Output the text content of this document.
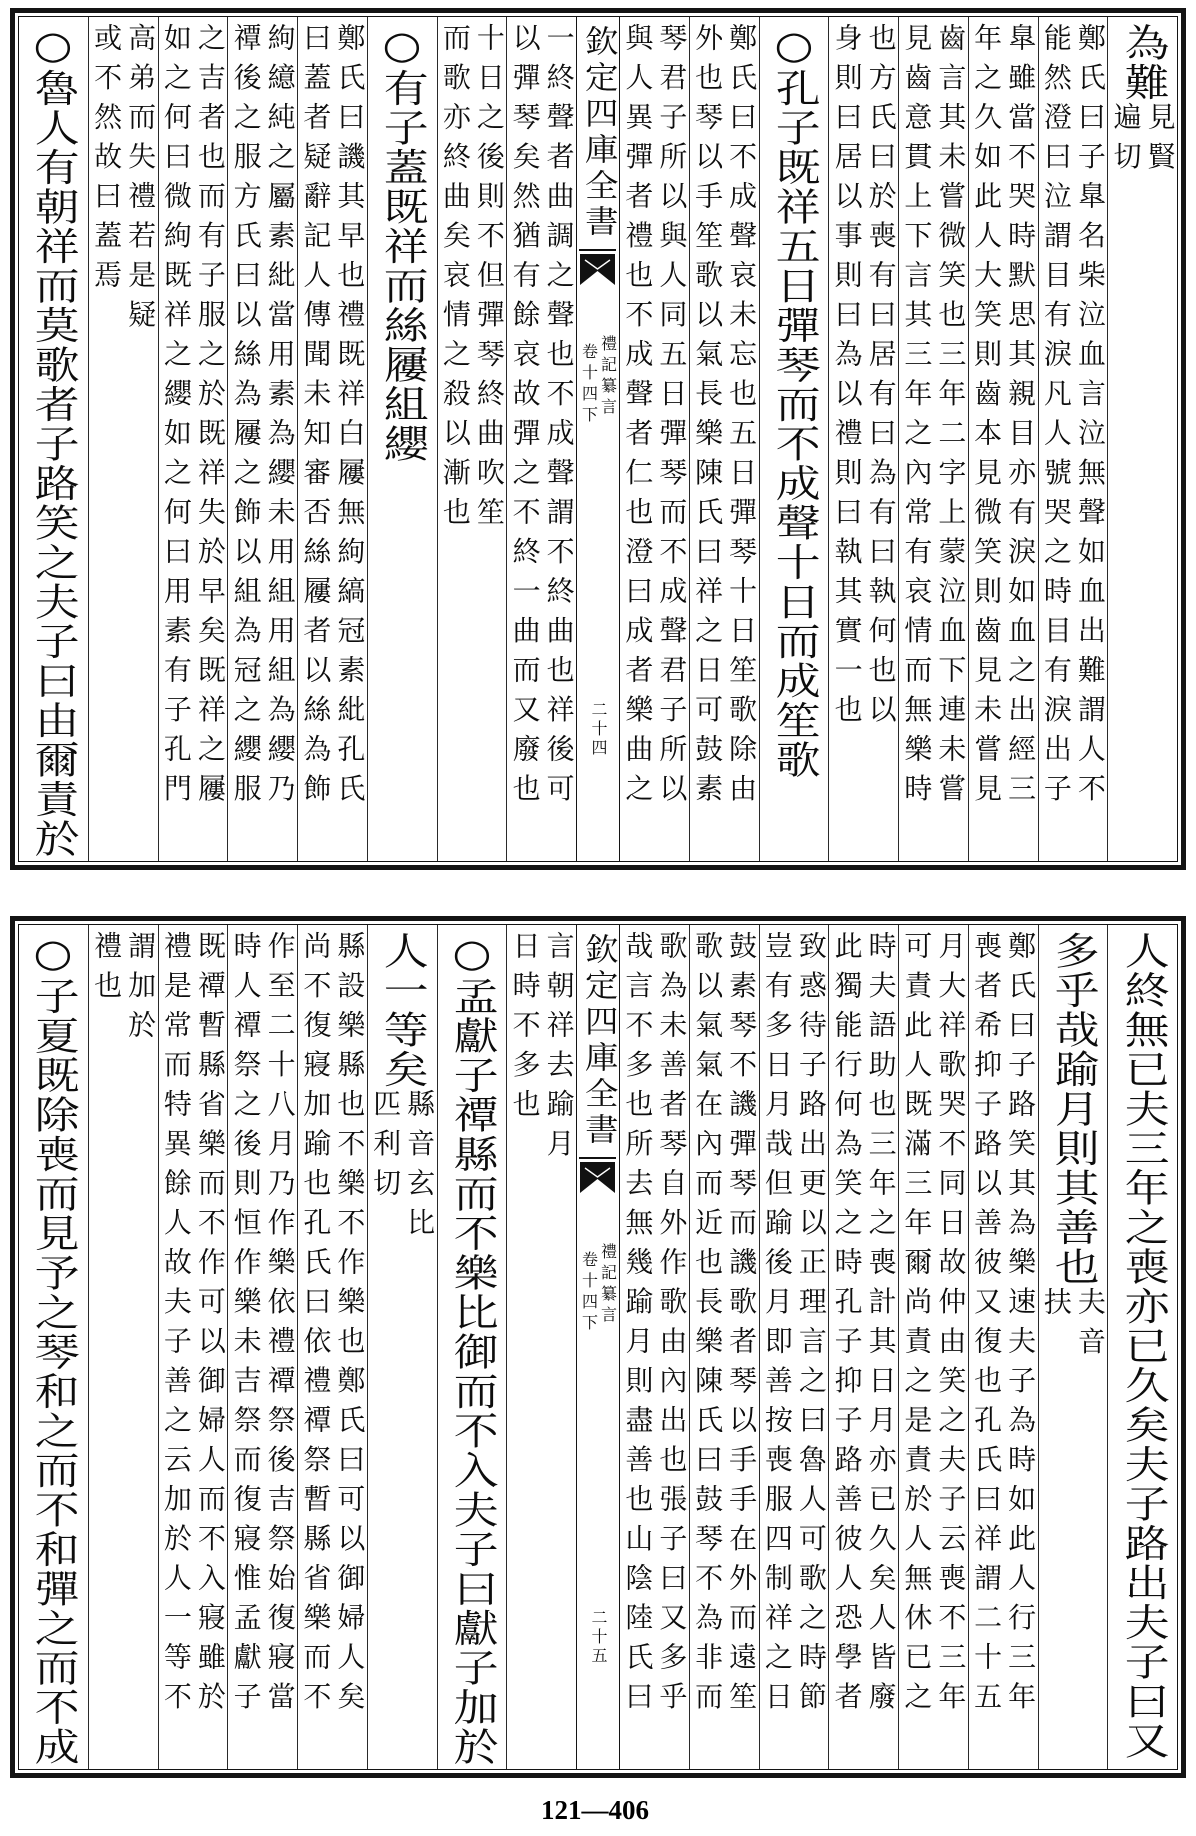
為難
見賢
遍切
鄭氏曰子臯名柴泣血言泣無聲如血出難謂人不
能然澄曰泣謂目有淚凡人號哭之時目有淚出子
臯雖當不哭時默思其親目亦有淚如血之出經三
年之久如此人大笑則齒本見微笑則齒見未嘗見
齒言其未嘗微笑也三年二字上蒙泣血下連未嘗
見齒意貫上下言其三年之內常有哀情而無樂時
也方氏曰於喪有曰居有曰為有曰執何也以
身則曰居以事則曰為以禮則曰執其實一也
○孔子既祥五日彈琴而不成聲十日而成笙歌
鄭氏曰不成聲哀未忘也五日彈琴十日笙歌除由
外也琴以手笙歌以氣長樂陳氏曰祥之日可鼓素
琴君子所以與人同五日彈琴而不成聲君子所以
與人異彈者禮也不成聲者仁也澄曰成者樂曲之
欽定四庫全書
禮記纂言
卷十四下
二十四
一終聲者曲調之聲也不成聲謂不終曲也祥後可
以彈琴矣然猶有餘哀故彈之不終一曲而又廢也
十日之後則不但彈琴終曲吹笙
而歌亦終曲矣哀情之殺以漸也
○有子蓋既祥而絲屨組纓
鄭氏曰譏其早也禮既祥白屨無絇縞冠素紕孔氏
曰蓋者疑辭記人傳聞未知審否絲屨者以絲為飾
絇繶純之屬素紕當用素為纓未用組用組為纓乃
禫後之服方氏曰以絲為屨之飾以組為冠之纓服
之吉者也而有子服之於既祥失於早矣既祥之屨
如之何曰微絇既祥之纓如之何曰用素有子孔門
高弟而失禮若是疑
或不然故曰蓋焉
○魯人有朝祥而莫歌者子路笑之夫子曰由爾責於
人終無已夫三年之喪亦已久矣夫子路出夫子曰又
多乎哉踰月則其善也
夫音
扶
鄭氏曰子路笑其為樂速夫子為時如此人行三年
喪者希抑子路以善彼又復也孔氏曰祥謂二十五
月大祥歌哭不同日故仲由笑之夫子云喪不三年
可責此人既滿三年爾尚責之是責於人無休已之
時夫語助也三年之喪計其日月亦已久矣人皆廢
此獨能行何為笑之時孔子抑子路善彼人恐學者
致惑待子路出更以正理言之曰魯人可歌之時節
豈有多日月哉但踰後月即善按喪服四制祥之日
鼓素琴不譏彈琴而譏歌者琴以手手在外而遠笙
歌以氣氣在內而近也長樂陳氏曰鼓琴不為非而
歌為未善者琴自外作歌由內出也張子曰又多乎
哉言不多也所去無幾踰月則盡善也山陰陸氏曰
欽定四庫全書
禮記纂言
卷十四下
二十五
言朝祥去踰月
日時不多也
○孟獻子禫縣而不樂比御而不入夫子曰獻子加於
人一等矣
縣音玄比
匹利切
縣設樂縣也不樂不作樂也鄭氏曰可以御婦人矣
尚不復寢加踰也孔氏曰依禮禫祭暫縣省樂而不
作至二十八月乃作樂依禮禫祭後吉祭始復寢當
時人禫祭之後則恒作樂未吉祭而復寢惟孟獻子
既禫暫縣省樂而不作可以御婦人而不入寢雖於
禮是常而特異餘人故夫子善之云加於人一等不
謂加於
禮也
○子夏既除喪而見予之琴和之而不和彈之而不成
121—406
